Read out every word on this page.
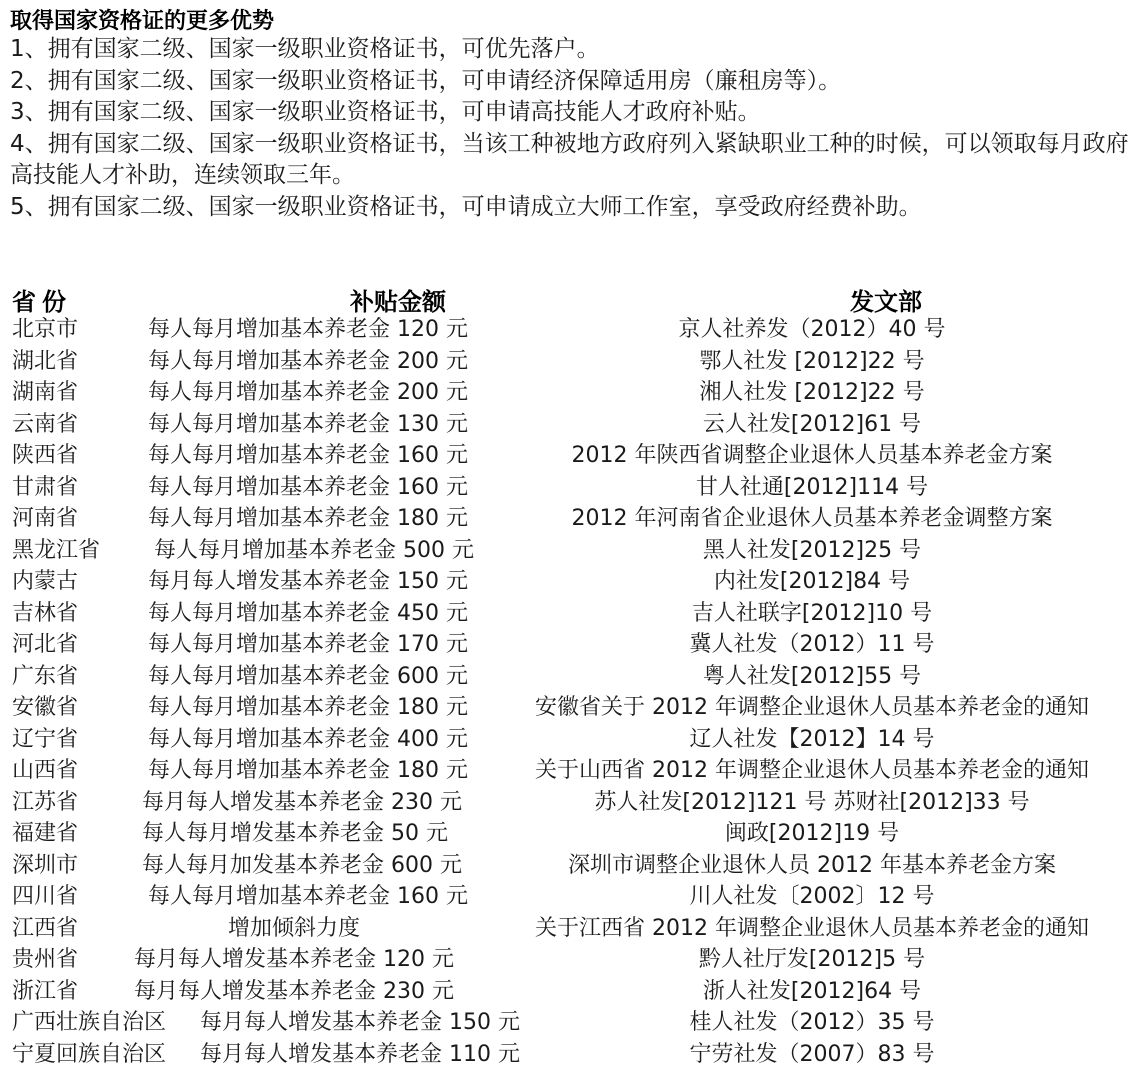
取得国家资格证的更多优势
1、拥有国家二级、国家一级职业资格证书，可优先落户。
2、拥有国家二级、国家一级职业资格证书，可申请经济保障适用房（廉租房等）。
3、拥有国家二级、国家一级职业资格证书，可申请高技能人才政府补贴。
4、拥有国家二级、国家一级职业资格证书，当该工种被地方政府列入紧缺职业工种的时候，可以领取每月政府高技能人才补助，连续领取三年。
5、拥有国家二级、国家一级职业资格证书，可申请成立大师工作室，享受政府经费补助。
省份	补贴金额	发文部
北京市	每人每月增加基本养老金 120 元	京人社养发（2012）40 号
湖北省	每人每月增加基本养老金 200 元	鄂人社发 [2012]22 号
湖南省	每人每月增加基本养老金 200 元	湘人社发 [2012]22 号
云南省	每人每月增加基本养老金 130 元	云人社发[2012]61 号
陕西省	每人每月增加基本养老金 160 元	2012 年陕西省调整企业退休人员基本养老金方案
甘肃省	每人每月增加基本养老金 160 元	甘人社通[2012]114 号
河南省	每人每月增加基本养老金 180 元	2012 年河南省企业退休人员基本养老金调整方案
黑龙江省 每人每月增加基本养老金 500 元	黑人社发[2012]25 号
内蒙古	每月每人增发基本养老金 150 元	内社发[2012]84 号
吉林省	每人每月增加基本养老金 450 元	吉人社联字[2012]10 号
河北省	每人每月增加基本养老金 170 元	冀人社发（2012）11 号
广东省	每人每月增加基本养老金 600 元	粤人社发[2012]55 号
安徽省	每人每月增加基本养老金 180 元	安徽省关于 2012 年调整企业退休人员基本养老金的通知
辽宁省	每人每月增加基本养老金 400 元	辽人社发【2012】14 号
山西省	每人每月增加基本养老金 180 元	关于山西省 2012 年调整企业退休人员基本养老金的通知
江苏省	每月每人增发基本养老金 230 元	苏人社发[2012]121 号 苏财社[2012]33 号
福建省	每人每月增发基本养老金 50 元	闽政[2012]19 号
深圳市	每人每月加发基本养老金 600 元	深圳市调整企业退休人员 2012 年基本养老金方案
四川省	每人每月增加基本养老金 160 元	川人社发〔2002〕12 号
江西省	增加倾斜力度	关于江西省 2012 年调整企业退休人员基本养老金的通知
贵州省	每月每人增发基本养老金 120 元	黔人社厅发[2012]5 号
浙江省	每月每人增发基本养老金 230 元	浙人社发[2012]64 号
广西壮族自治区 每月每人增发基本养老金 150 元	桂人社发（2012）35 号
宁夏回族自治区 每月每人增发基本养老金 110 元	宁劳社发（2007）83 号
